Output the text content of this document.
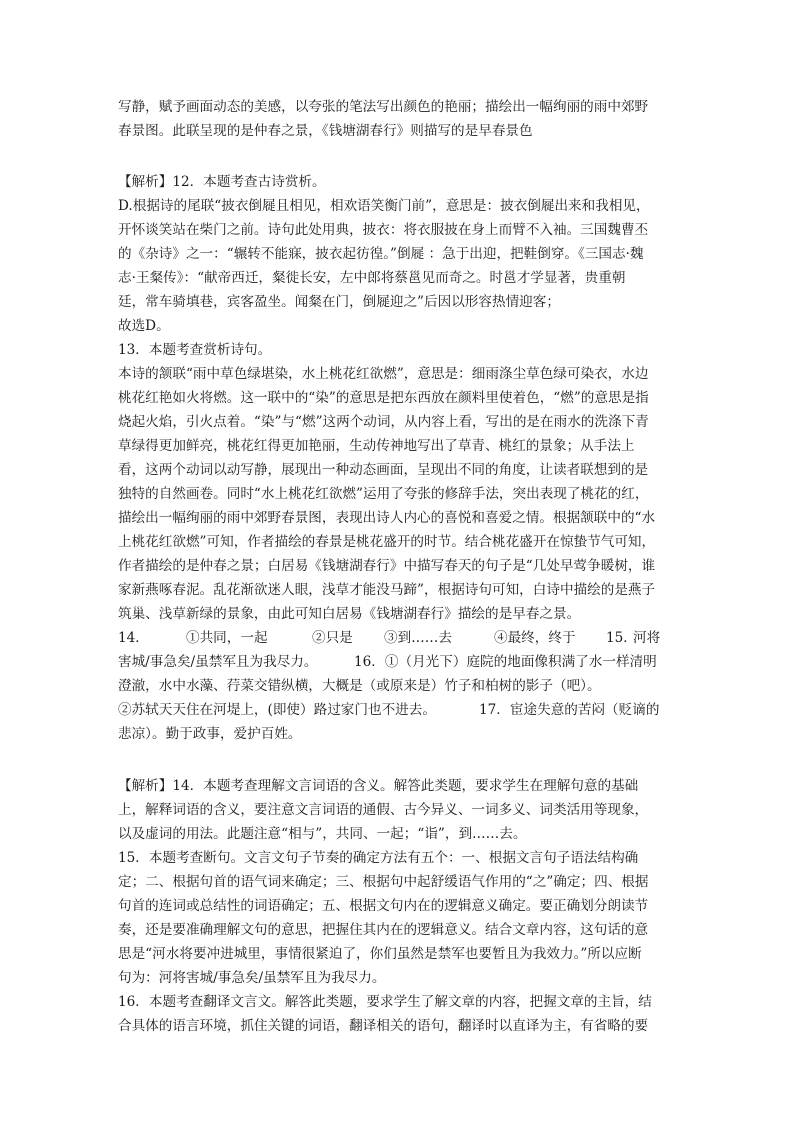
写静，赋予画面动态的美感，以夸张的笔法写出颜色的艳丽；描绘出一幅绚丽的雨中郊野

春景图。此联呈现的是仲春之景，《钱塘湖春行》则描写的是早春景色

【解析】12．本题考查古诗赏析。

D.根据诗的尾联“披衣倒屣且相见，相欢语笑衡门前”，意思是：披衣倒屣出来和我相见，

开怀谈笑站在柴门之前。诗句此处用典，披衣：将衣服披在身上而臂不入袖。三国魏曹丕

的《杂诗》之一：“辗转不能寐，披衣起彷徨。”倒屣 ：急于出迎，把鞋倒穿。《三国志·魏

志·王粲传》：“献帝西迁，粲徙长安，左中郎将蔡邕见而奇之。时邕才学显著，贵重朝

廷，常车骑填巷，宾客盈坐。闻粲在门，倒屣迎之”后因以形容热情迎客；

故选D。

13．本题考查赏析诗句。

本诗的颔联“雨中草色绿堪染，水上桃花红欲燃”，意思是：细雨涤尘草色绿可染衣，水边

桃花红艳如火将燃。这一联中的“染”的意思是把东西放在颜料里使着色，“燃”的意思是指

烧起火焰，引火点着。“染”与“燃”这两个动词，从内容上看，写出的是在雨水的洗涤下青

草绿得更加鲜亮，桃花红得更加艳丽，生动传神地写出了草青、桃红的景象；从手法上

看，这两个动词以动写静，展现出一种动态画面，呈现出不同的角度，让读者联想到的是

独特的自然画卷。同时“水上桃花红欲燃”运用了夸张的修辞手法，突出表现了桃花的红，

描绘出一幅绚丽的雨中郊野春景图，表现出诗人内心的喜悦和喜爱之情。根据颔联中的“水

上桃花红欲燃”可知，作者描绘的春景是桃花盛开的时节。结合桃花盛开在惊蛰节气可知，

作者描绘的是仲春之景；白居易《钱塘湖春行》中描写春天的句子是“几处早莺争暖树，谁

家新燕啄春泥。乱花渐欲迷人眼，浅草才能没马蹄”，根据诗句可知，白诗中描绘的是燕子

筑巢、浅草新绿的景象，由此可知白居易《钱塘湖春行》描绘的是早春之景。

14．	①共同，一起	②只是 ③到……去	④最终，终于 15．河将

害城/事急矣/虽禁军且为我尽力。	16．①（月光下）庭院的地面像积满了水一样清明

澄澈，水中水藻、荇菜交错纵横，大概是（或原来是）竹子和柏树的影子（吧）。

②苏轼天天住在河堤上，(即使）路过家门也不进去。	17．宦途失意的苦闷（贬谪的

悲凉）。勤于政事，爱护百姓。

【解析】14．本题考查理解文言词语的含义。解答此类题，要求学生在理解句意的基础

上，解释词语的含义，要注意文言词语的通假、古今异义、一词多义、词类活用等现象，

以及虚词的用法。此题注意“相与”，共同、一起；“诣”，到……去。

15．本题考查断句。文言文句子节奏的确定方法有五个：一、根据文言句子语法结构确

定；二、根据句首的语气词来确定；三、根据句中起舒缓语气作用的“之”确定；四、根据

句首的连词或总结性的词语确定；五、根据文句内在的逻辑意义确定。要正确划分朗读节

奏，还是要准确理解文句的意思，把握住其内在的逻辑意义。结合文章内容，这句话的意

思是“河水将要冲进城里，事情很紧迫了，你们虽然是禁军也要暂且为我效力。”所以应断

句为：河将害城/事急矣/虽禁军且为我尽力。

16．本题考查翻译文言文。解答此类题，要求学生了解文章的内容，把握文章的主旨，结

合具体的语言环境，抓住关键的词语，翻译相关的语句，翻译时以直译为主，有省略的要
